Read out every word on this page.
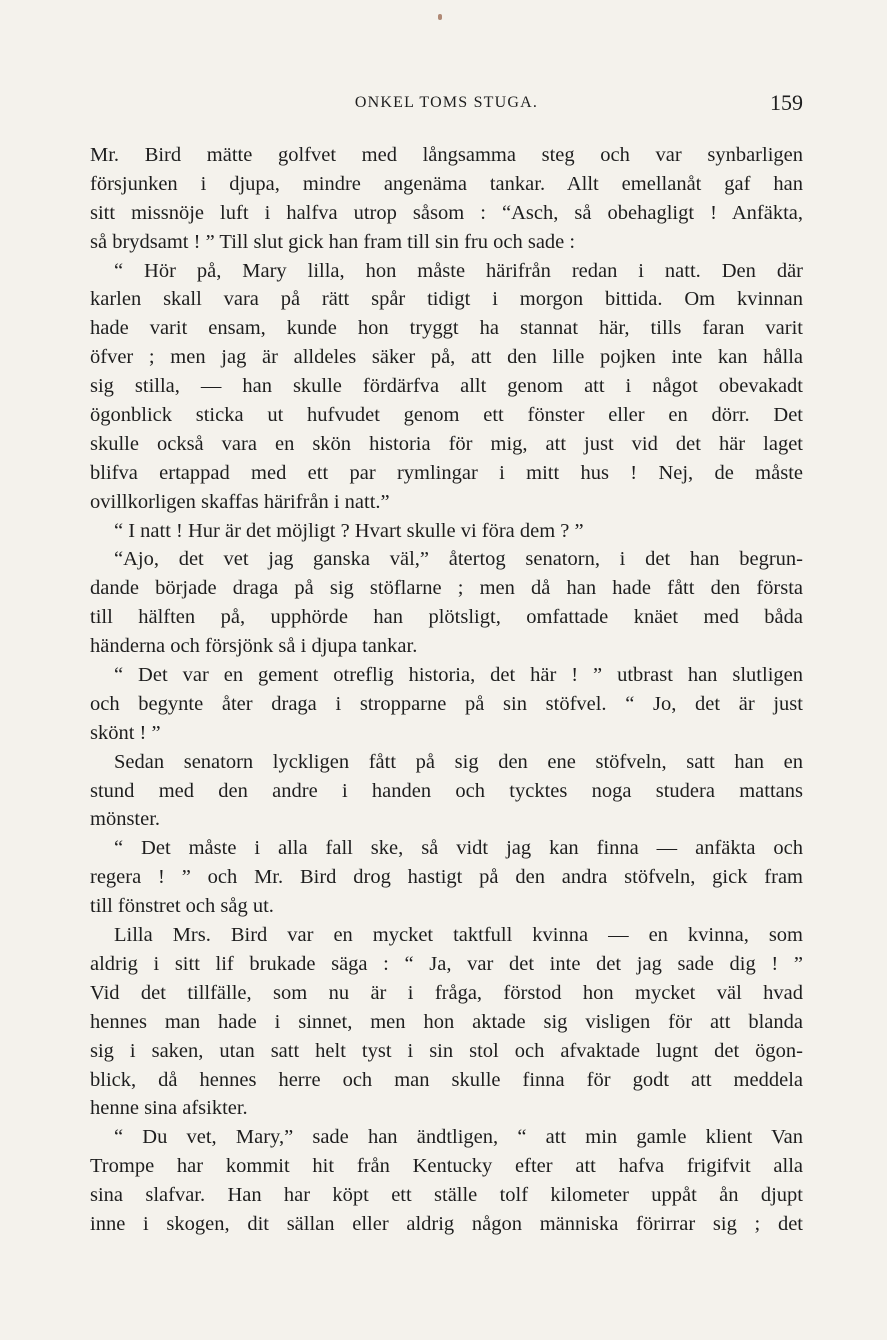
ONKEL TOMS STUGA.	159
Mr. Bird mätte golfvet med långsamma steg och var synbarligen
försjunken i djupa, mindre angenäma tankar. Allt emellanåt gaf han
sitt missnöje luft i halfva utrop såsom : “Asch, så obehagligt ! Anfäkta,
så brydsamt ! ” Till slut gick han fram till sin fru och sade :
“ Hör på, Mary lilla, hon måste härifrån redan i natt. Den där
karlen skall vara på rätt spår tidigt i morgon bittida. Om kvinnan
hade varit ensam, kunde hon tryggt ha stannat här, tills faran varit
öfver ; men jag är alldeles säker på, att den lille pojken inte kan hålla
sig stilla, — han skulle fördärfva allt genom att i något obevakadt
ögonblick sticka ut hufvudet genom ett fönster eller en dörr. Det
skulle också vara en skön historia för mig, att just vid det här laget
blifva ertappad med ett par rymlingar i mitt hus ! Nej, de måste
ovillkorligen skaffas härifrån i natt.”
“ I natt ! Hur är det möjligt ? Hvart skulle vi föra dem ? ”
“Ajo, det vet jag ganska väl,” återtog senatorn, i det han begrun-
dande började draga på sig stöflarne ; men då han hade fått den första
till hälften på, upphörde han plötsligt, omfattade knäet med båda
händerna och försjönk så i djupa tankar.
“ Det var en gement otreflig historia, det här ! ” utbrast han slutligen
och begynte åter draga i stropparne på sin stöfvel. “ Jo, det är just
skönt ! ”
Sedan senatorn lyckligen fått på sig den ene stöfveln, satt han en
stund med den andre i handen och tycktes noga studera mattans
mönster.
“ Det måste i alla fall ske, så vidt jag kan finna — anfäkta och
regera ! ” och Mr. Bird drog hastigt på den andra stöfveln, gick fram
till fönstret och såg ut.
Lilla Mrs. Bird var en mycket taktfull kvinna — en kvinna, som
aldrig i sitt lif brukade säga : “ Ja, var det inte det jag sade dig ! ”
Vid det tillfälle, som nu är i fråga, förstod hon mycket väl hvad
hennes man hade i sinnet, men hon aktade sig visligen för att blanda
sig i saken, utan satt helt tyst i sin stol och afvaktade lugnt det ögon-
blick, då hennes herre och man skulle finna för godt att meddela
henne sina afsikter.
“ Du vet, Mary,” sade han ändtligen, “ att min gamle klient Van
Trompe har kommit hit från Kentucky efter att hafva frigifvit alla
sina slafvar. Han har köpt ett ställe tolf kilometer uppåt ån djupt
inne i skogen, dit sällan eller aldrig någon människa förirrar sig ; det
